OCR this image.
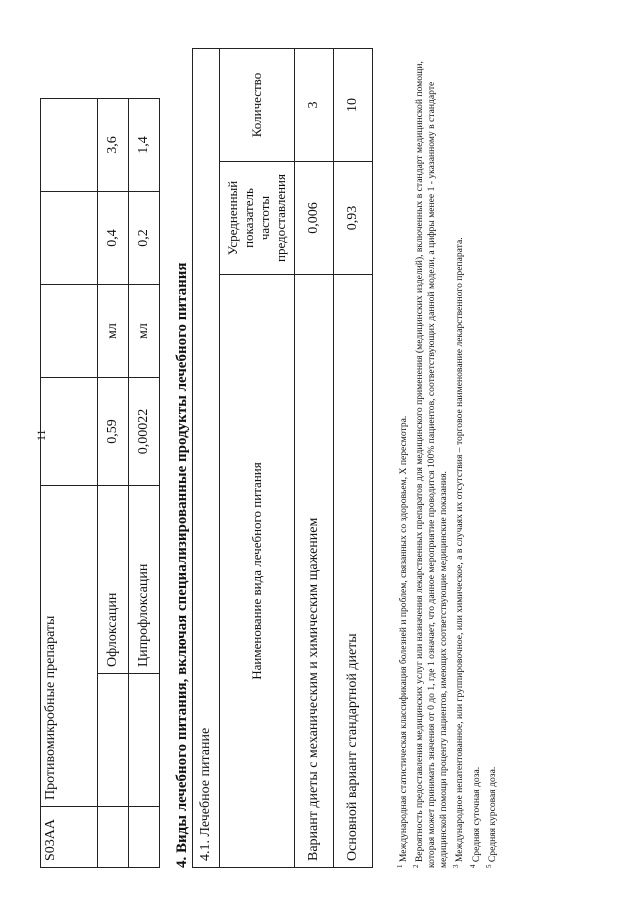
11
S03AA	Противомикробные препараты					
		Офлоксацин	0,59	мл	0,4	3,6
		Ципрофлоксацин	0,00022	мл	0,2	1,4
4. Виды лечебного питания, включая специализированные продукты лечебного питания 4.1. Лечебное питание		
Наименование вида лечебного питания	Усредненный показатель частоты предоставления	Количество
Вариант диеты с механическим и химическим щажением	0,006	3
Основной вариант стандартной диеты	0,93	10

$^1$ Международная статистическая классификация болезней и проблем, связанных со здоровьем, X пересмотра.

$^2$ Вероятность предоставления медицинских услуг или назначения лекарственных препаратов для медицинского применения (медицинских изделий), включенных в стандарт медицинской помощи, которая может принимать значения от 0 до 1, где 1 означает, что данное мероприятие проводится 100% пациентов, соответствующих данной модели, а цифры менее 1 - указанному в стандарте медицинской помощи проценту пациентов, имеющих соответствующие медицинские показания. $^3$ Международное непатентованное, или группировочное, или химическое, а в случаях их отсутствия – торговое наименование лекарственного препарата.

$^4$ Средняя суточная доза.

$^5$ Средняя курсовая доза.
